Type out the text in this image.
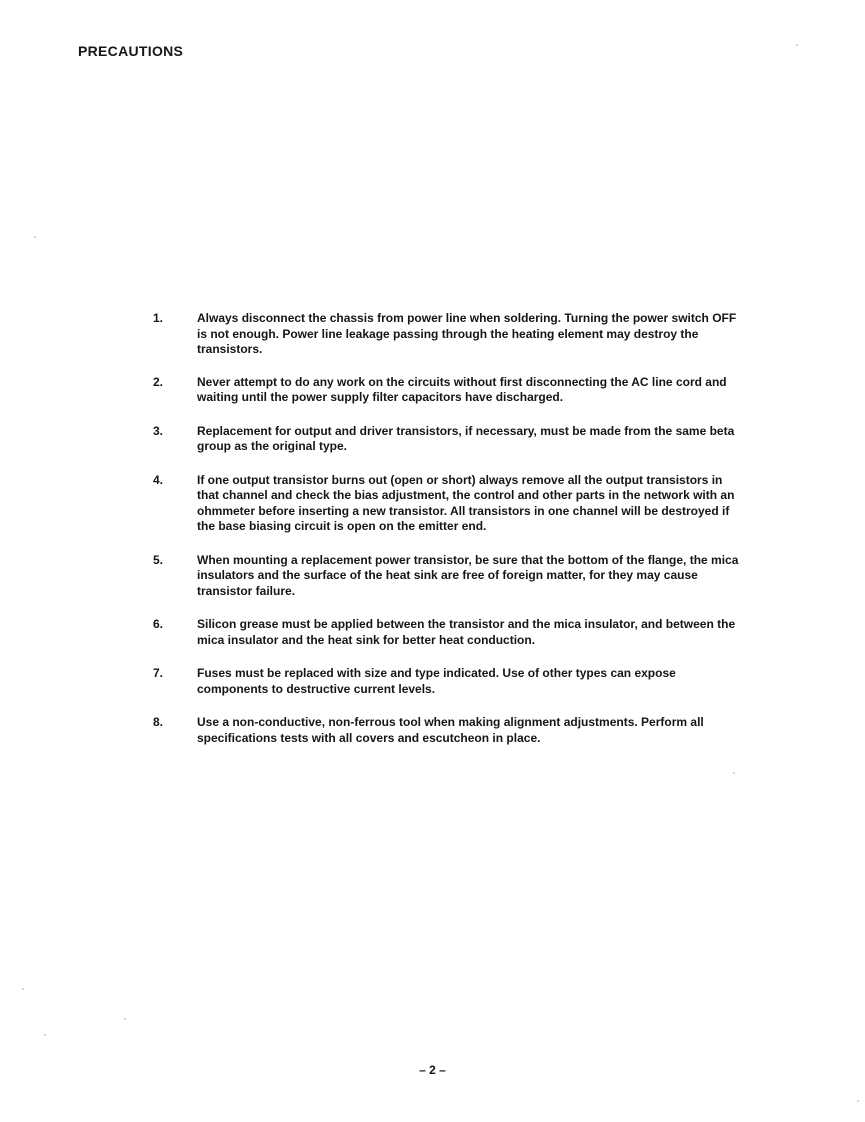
PRECAUTIONS
1.	Always disconnect the chassis from power line when soldering. Turning the power switch OFF is not enough. Power line leakage passing through the heating element may destroy the transistors.

2.	Never attempt to do any work on the circuits without first disconnecting the AC line cord and waiting until the power supply filter capacitors have discharged.

3.	Replacement for output and driver transistors, if necessary, must be made from the same beta group as the original type.

4.	If one output transistor burns out (open or short) always remove all the output transistors in that channel and check the bias adjustment, the control and other parts in the network with an ohmmeter before inserting a new transistor. All transistors in one channel will be destroyed if the base biasing circuit is open on the emitter end.

5.	When mounting a replacement power transistor, be sure that the bottom of the flange, the mica insulators and the surface of the heat sink are free of foreign matter, for they may cause transistor failure.

6.	Silicon grease must be applied between the transistor and the mica insulator, and between the mica insulator and the heat sink for better heat conduction.

7.	Fuses must be replaced with size and type indicated. Use of other types can expose components to destructive current levels.

8.	Use a non-conductive, non-ferrous tool when making alignment adjustments. Perform all specifications tests with all covers and escutcheon in place.

– 2 –
